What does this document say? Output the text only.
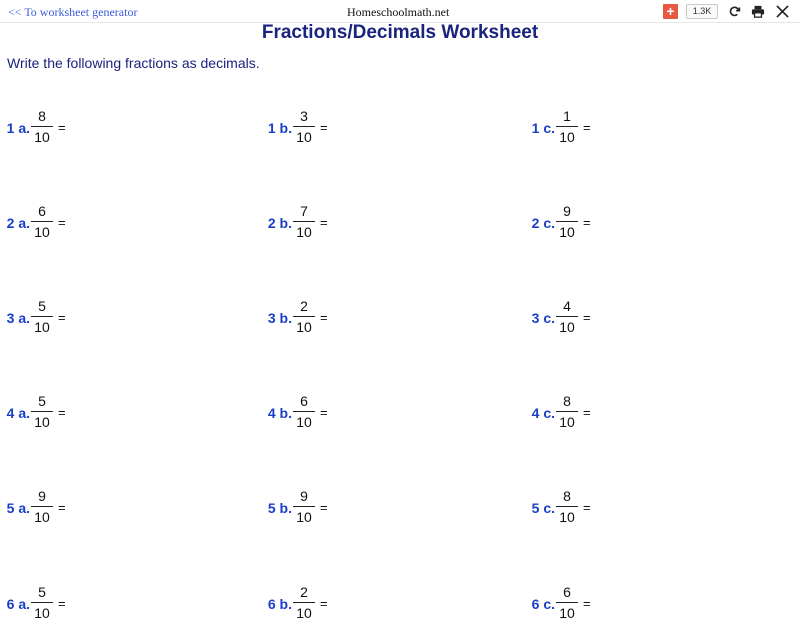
<< To worksheet generator	Homeschoolmath.net	+	1.3K
Fractions/Decimals Worksheet
Write the following fractions as decimals.
1 a.
8
10
=	1 b.
3
10
=	1 c.
1
10
=
2 a.
6
10
=	2 b.
7
10
=	2 c.
9
10
=
3 a.
5
10
=	3 b.
2
10
=	3 c.
4
10
=
4 a.
5
10
=	4 b.
6
10
=	4 c.
8
10
=
5 a.
9
10
=	5 b.
9
10
=	5 c.
8
10
=
6 a.
5
10
=	6 b.
2
10
=	6 c.
6
10
=
